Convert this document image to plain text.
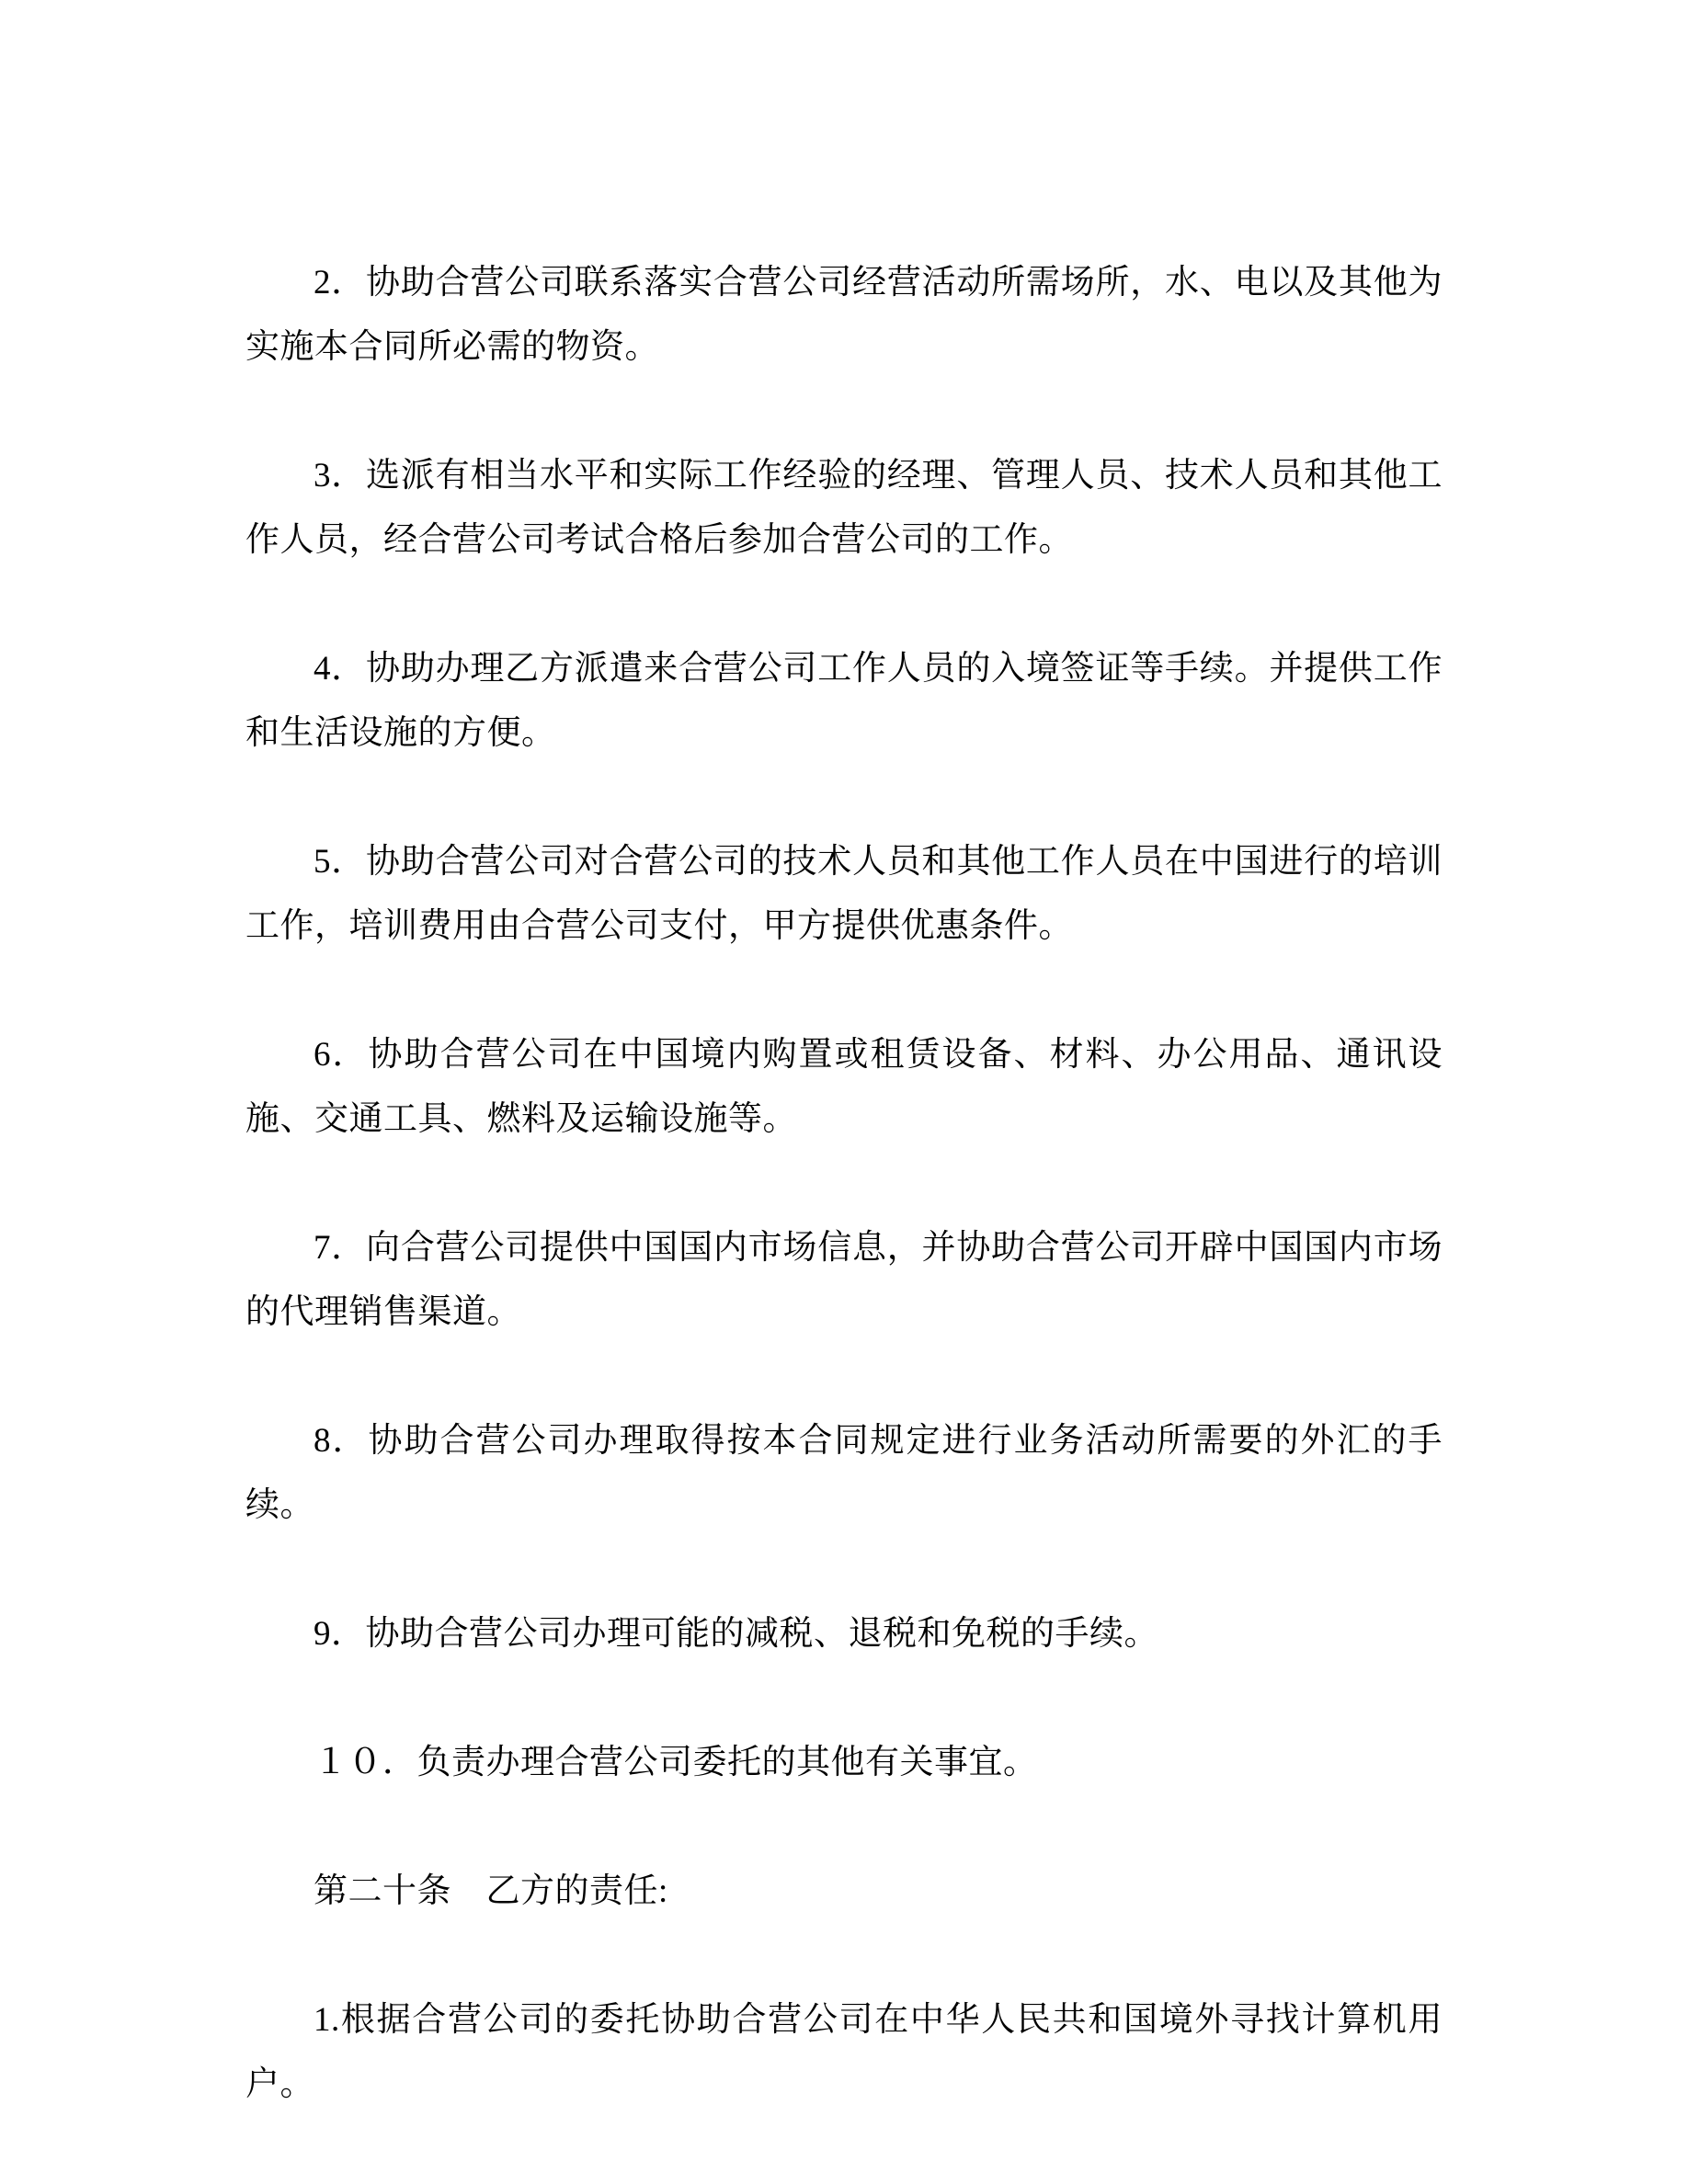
2．协助合营公司联系落实合营公司经营活动所需场所，水、电以及其他为实施本合同所必需的物资。

3．选派有相当水平和实际工作经验的经理、管理人员、技术人员和其他工作人员，经合营公司考试合格后参加合营公司的工作。

4．协助办理乙方派遣来合营公司工作人员的入境签证等手续。并提供工作和生活设施的方便。

5．协助合营公司对合营公司的技术人员和其他工作人员在中国进行的培训工作，培训费用由合营公司支付，甲方提供优惠条件。

6．协助合营公司在中国境内购置或租赁设备、材料、办公用品、通讯设施、交通工具、燃料及运输设施等。

7．向合营公司提供中国国内市场信息，并协助合营公司开辟中国国内市场的代理销售渠道。

8．协助合营公司办理取得按本合同规定进行业务活动所需要的外汇的手续。

9．协助合营公司办理可能的减税、退税和免税的手续。

１０．负责办理合营公司委托的其他有关事宜。

第二十条　乙方的责任:

1.根据合营公司的委托协助合营公司在中华人民共和国境外寻找计算机用户。
